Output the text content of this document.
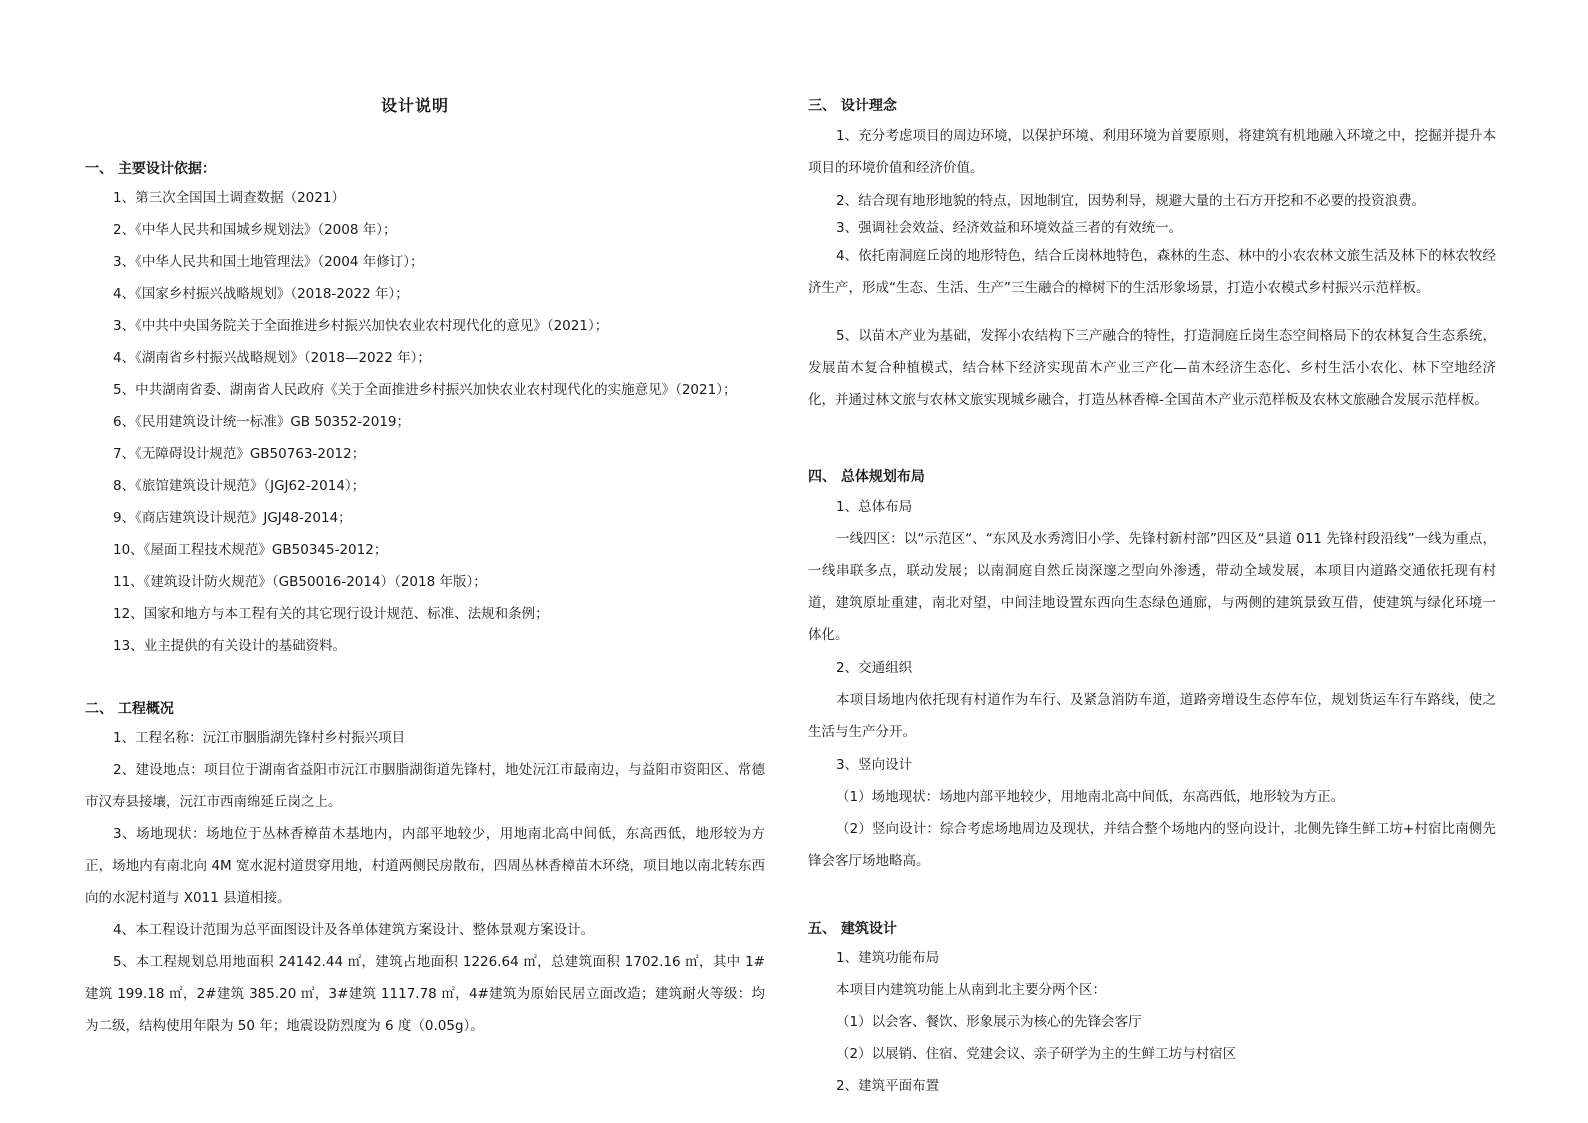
设计说明
一、 主要设计依据：
1、第三次全国国土调查数据（2021）
2、《中华人民共和国城乡规划法》（2008 年）；
3、《中华人民共和国土地管理法》（2004 年修订）；
4、《国家乡村振兴战略规划》（2018-2022 年）；
3、《中共中央国务院关于全面推进乡村振兴加快农业农村现代化的意见》（2021）；
4、《湖南省乡村振兴战略规划》（2018—2022 年）；
5、中共湖南省委、湖南省人民政府《关于全面推进乡村振兴加快农业农村现代化的实施意见》（2021）；
6、《民用建筑设计统一标准》GB 50352-2019；
7、《无障碍设计规范》GB50763-2012；
8、《旅馆建筑设计规范》（JGJ62-2014）；
9、《商店建筑设计规范》JGJ48-2014；
10、《屋面工程技术规范》GB50345-2012；
11、《建筑设计防火规范》（GB50016-2014）（2018 年版）；
12、国家和地方与本工程有关的其它现行设计规范、标准、法规和条例；
13、业主提供的有关设计的基础资料。
二、 工程概况
1、工程名称：沅江市胭脂湖先锋村乡村振兴项目
2、建设地点：项目位于湖南省益阳市沅江市胭脂湖街道先锋村，地处沅江市最南边，与益阳市资阳区、常德市汉寿县接壤，沅江市西南绵延丘岗之上。
3、场地现状：场地位于丛林香樟苗木基地内，内部平地较少，用地南北高中间低，东高西低，地形较为方正，场地内有南北向 4M 宽水泥村道贯穿用地，村道两侧民房散布，四周丛林香樟苗木环绕，项目地以南北转东西向的水泥村道与 X011 县道相接。
4、本工程设计范围为总平面图设计及各单体建筑方案设计、整体景观方案设计。
5、本工程规划总用地面积 24142.44 ㎡，建筑占地面积 1226.64 ㎡，总建筑面积 1702.16 ㎡，其中 1#建筑 199.18 ㎡，2#建筑 385.20 ㎡，3#建筑 1117.78 ㎡，4#建筑为原始民居立面改造；建筑耐火等级：均为二级，结构使用年限为 50 年；地震设防烈度为 6 度（0.05g）。
三、 设计理念
1、充分考虑项目的周边环境，以保护环境、利用环境为首要原则，将建筑有机地融入环境之中，挖掘并提升本项目的环境价值和经济价值。
2、结合现有地形地貌的特点，因地制宜，因势利导，规避大量的土石方开挖和不必要的投资浪费。
3、强调社会效益、经济效益和环境效益三者的有效统一。
4、依托南洞庭丘岗的地形特色，结合丘岗林地特色，森林的生态、林中的小农农林文旅生活及林下的林农牧经济生产，形成“生态、生活、生产”三生融合的樟树下的生活形象场景，打造小农模式乡村振兴示范样板。
5、以苗木产业为基础，发挥小农结构下三产融合的特性，打造洞庭丘岗生态空间格局下的农林复合生态系统，发展苗木复合种植模式，结合林下经济实现苗木产业三产化—苗木经济生态化、乡村生活小农化、林下空地经济化，并通过林文旅与农林文旅实现城乡融合，打造丛林香樟-全国苗木产业示范样板及农林文旅融合发展示范样板。
四、 总体规划布局
1、总体布局
一线四区：以“示范区“、“东风及水秀湾旧小学、先锋村新村部”四区及“县道 011 先锋村段沿线”一线为重点，一线串联多点，联动发展；以南洞庭自然丘岗深邃之型向外渗透，带动全域发展，本项目内道路交通依托现有村道，建筑原址重建，南北对望，中间洼地设置东西向生态绿色通廊，与两侧的建筑景致互借，使建筑与绿化环境一体化。
2、交通组织
本项目场地内依托现有村道作为车行、及紧急消防车道，道路旁增设生态停车位，规划货运车行车路线，使之生活与生产分开。
3、竖向设计
（1）场地现状：场地内部平地较少，用地南北高中间低，东高西低，地形较为方正。
（2）竖向设计：综合考虑场地周边及现状，并结合整个场地内的竖向设计，北侧先锋生鲜工坊+村宿比南侧先锋会客厅场地略高。
五、 建筑设计
1、建筑功能布局
本项目内建筑功能上从南到北主要分两个区：
（1）以会客、餐饮、形象展示为核心的先锋会客厅
（2）以展销、住宿、党建会议、亲子研学为主的生鲜工坊与村宿区
2、建筑平面布置
